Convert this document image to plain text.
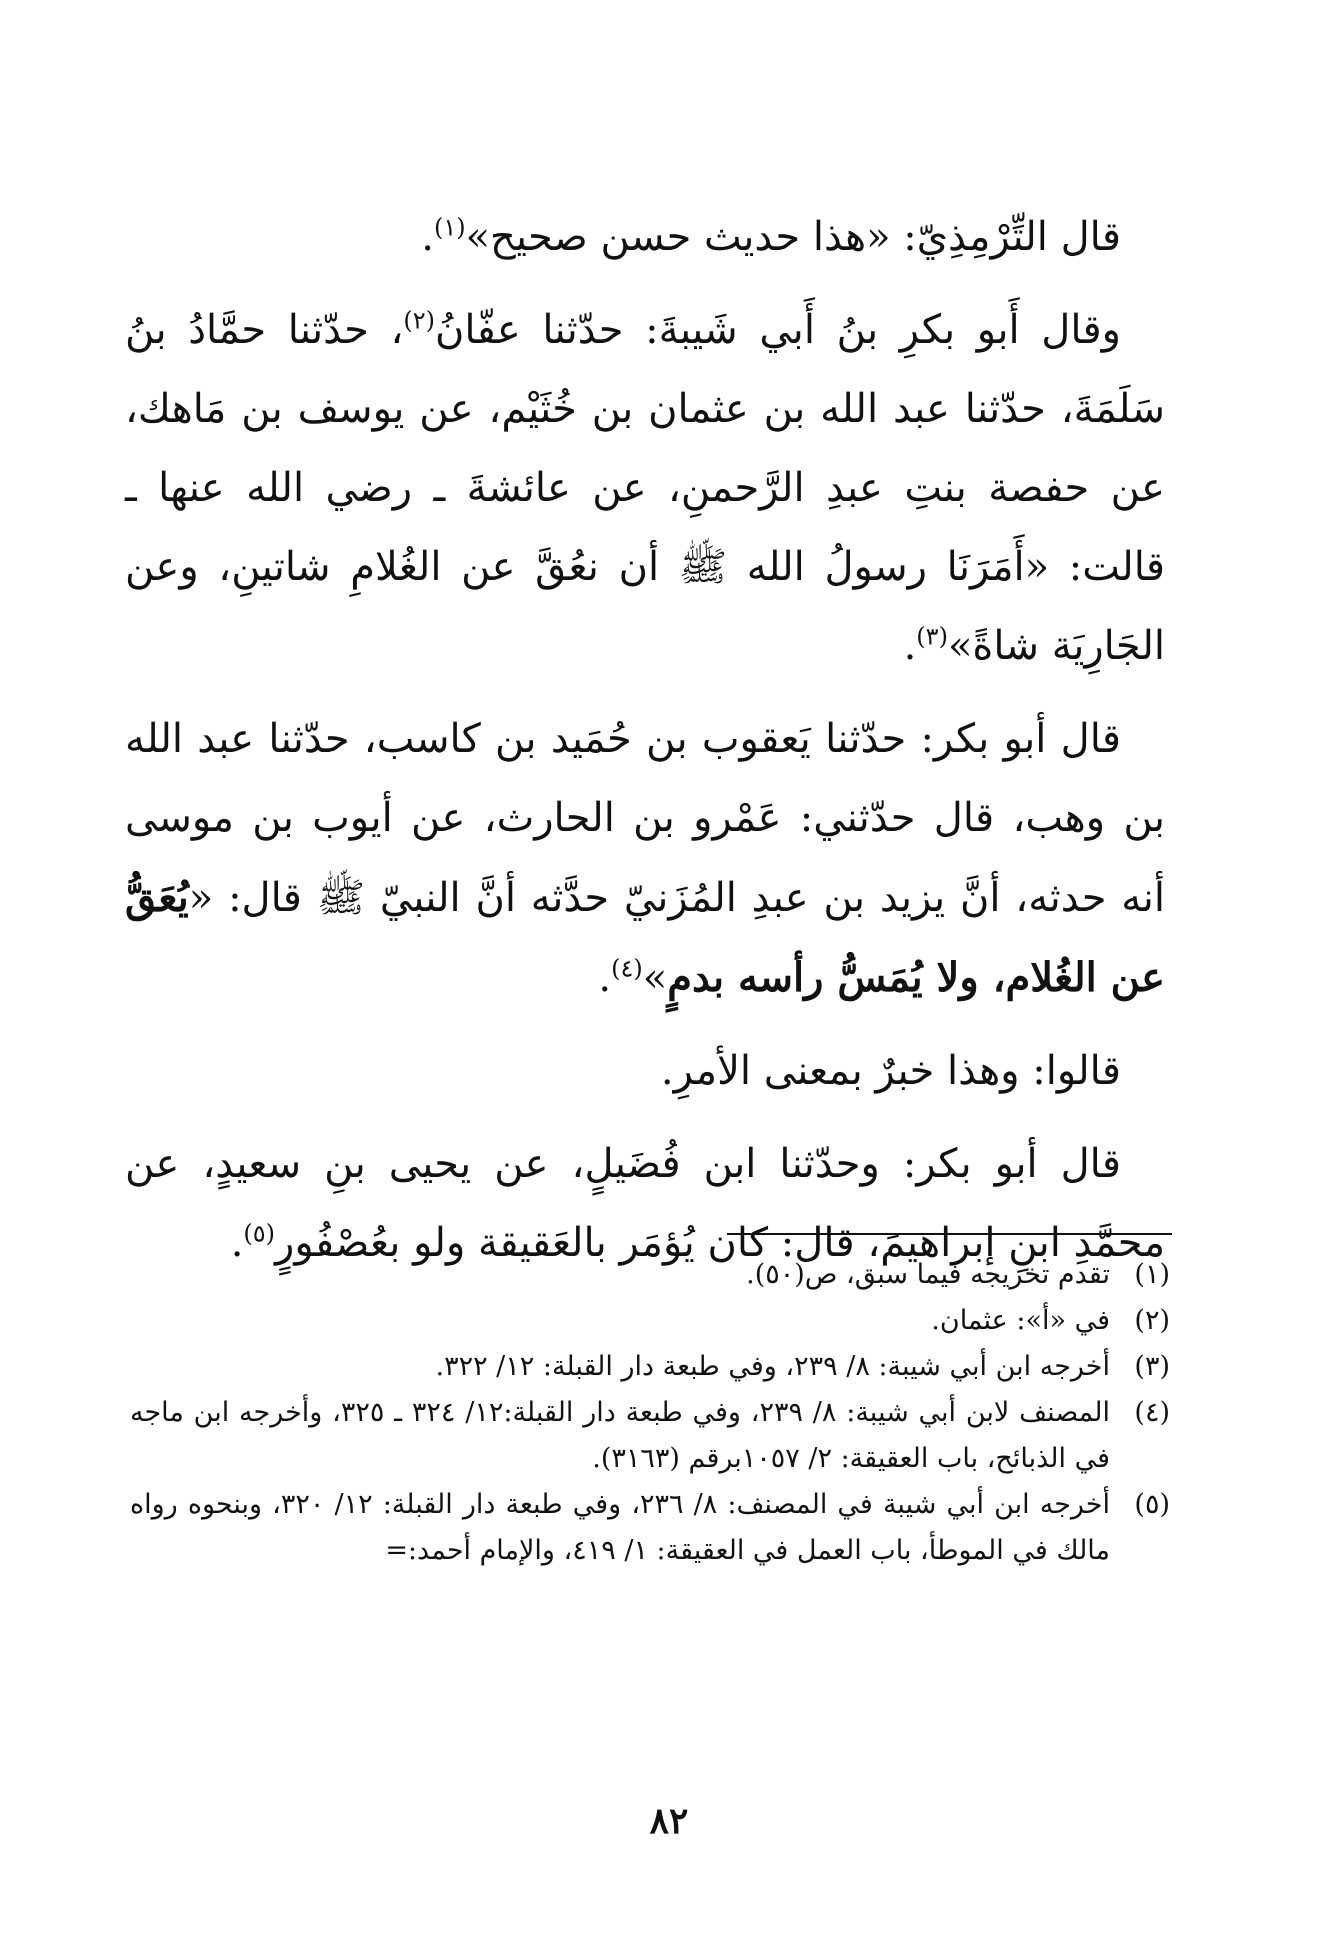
قال التِّرْمِذِيّ: «هذا حديث حسن صحيح»$^{(١)}$.

وقال أَبو بكرِ بنُ أَبي شَيبةَ: حدّثنا عفّانُ$^{(٢)}$، حدّثنا حمَّادُ بنُ سَلَمَةَ، حدّثنا عبد الله بن عثمان بن خُثَيْم، عن يوسف بن مَاهك، عن حفصة بنتِ عبدِ الرَّحمنِ، عن عائشةَ ـ رضي الله عنها ـ قالت: «أَمَرَنَا رسولُ الله ﷺ أن نعُقَّ عن الغُلامِ شاتينِ، وعن الجَارِيَة شاةً»$^{(٣)}$.

قال أبو بكر: حدّثنا يَعقوب بن حُمَيد بن كاسب، حدّثنا عبد الله بن وهب، قال حدّثني: عَمْرو بن الحارث، عن أيوب بن موسى أنه حدثه، أنَّ يزيد بن عبدِ المُزَنيّ حدَّثه أنَّ النبيّ ﷺ قال: «يُعَقُّ عن الغُلام، ولا يُمَسُّ رأسه بدمٍ»$^{(٤)}$.

قالوا: وهذا خبرٌ بمعنى الأمرِ.

قال أبو بكر: وحدّثنا ابن فُضَيلٍ، عن يحيى بنِ سعيدٍ، عن محمَّدِ ابنِ إبراهيمَ، قال: كان يُؤمَر بالعَقيقة ولو بعُصْفُورٍ$^{(٥)}$.

(١)
تقدم تخريجه فيما سبق، ص(٥٠).
(٢)
في «أ»: عثمان.
(٣)
أخرجه ابن أبي شيبة: ٨/ ٢٣٩، وفي طبعة دار القبلة: ١٢/ ٣٢٢.
(٤)
المصنف لابن أبي شيبة: ٨/ ٢٣٩، وفي طبعة دار القبلة:١٢/ ٣٢٤ ـ ٣٢٥، وأخرجه ابن ماجه في الذبائح، باب العقيقة: ٢/ ١٠٥٧برقم (٣١٦٣).
(٥)
أخرجه ابن أبي شيبة في المصنف: ٨/ ٢٣٦، وفي طبعة دار القبلة: ١٢/ ٣٢٠، وبنحوه رواه مالك في الموطأ، باب العمل في العقيقة: ١/ ٤١٩، والإمام أحمد:=
٨٢
